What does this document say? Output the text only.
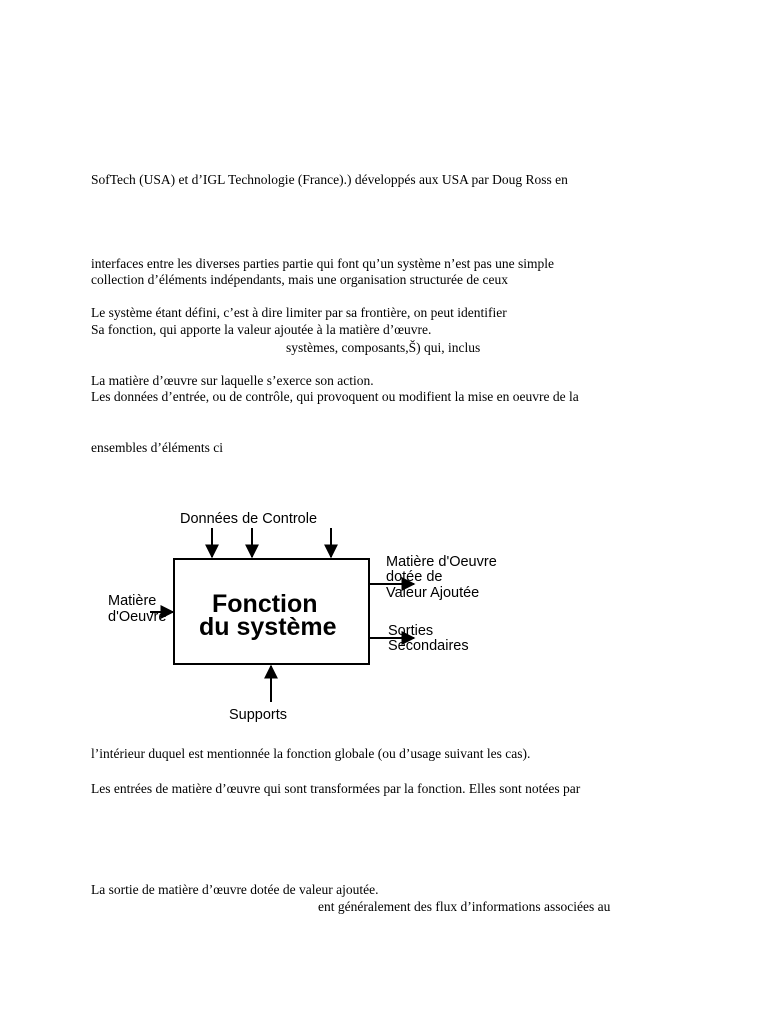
SofTech (USA) et d’IGL Technologie (France).) développés aux USA par Doug Ross en
interfaces entre les diverses parties partie qui font qu’un système n’est pas une simple
collection d’éléments indépendants, mais une organisation structurée de ceux
Le système étant défini, c’est à dire limiter par sa frontière, on peut identifier
Sa fonction, qui apporte la valeur ajoutée à la matière d’œuvre.
systèmes, composants,Š) qui, inclus
La matière d’œuvre sur laquelle s’exerce son action.
Les données d’entrée, ou de contrôle, qui provoquent ou modifient la mise en oeuvre de la
ensembles d’éléments ci
Données de Controle
Fonction
du système
Matière
d'Oeuvre
Matière d'Oeuvre
dotée de
Valeur Ajoutée
Sorties
Secondaires
Supports
l’intérieur duquel est mentionnée la fonction globale (ou d’usage suivant les cas).
Les entrées de matière d’œuvre qui sont transformées par la fonction. Elles sont notées par
La sortie de matière d’œuvre dotée de valeur ajoutée.
ent généralement des flux d’informations associées au
